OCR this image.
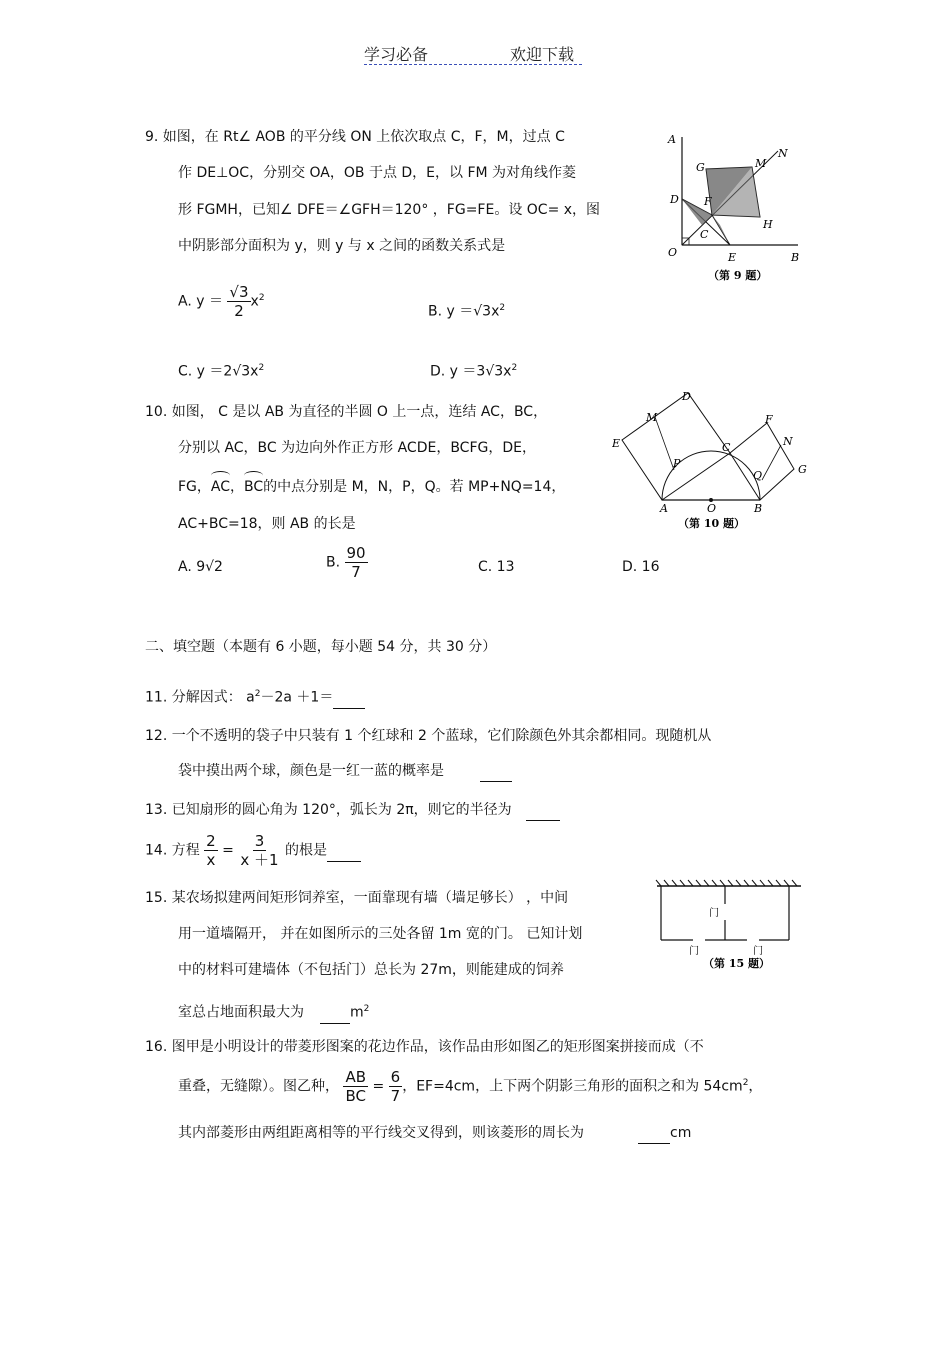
学习必备	欢迎下载
9. 如图，在 Rt∠ AOB 的平分线 ON 上依次取点 C，F，M，过点 C
作 DE⊥OC，分别交 OA，OB 于点 D，E，以 FM 为对角线作菱
形 FGMH，已知∠ DFE＝∠GFH＝120° ，FG=FE。设 OC= x，图
中阴影部分面积为 y，则 y 与 x 之间的函数关系式是
A. $y = \frac{√3}{2} x^2$
B. $y =√3x^2$
C. $y =2√3x^2$	D. $y =3√3x^2$
A
B
O
D
E
F
G	M
N
H
C
（第 9 题）
10. 如图， C 是以 AB 为直径的半圆 O 上一点，连结 AC，BC，
分别以 AC，BC 为边向外作正方形 ACDE，BCFG，DE，
FG，
AC，
BC的中点分别是 M，N，P，Q。若 MP+NQ=14，
AC+BC=18，则 AB 的长是
A. 9√2	B. $\frac{90}{7}$	C. 13	D. 16
D
M
E	C
F
N
G
P
Q
A	O	B
（第 10 题）
二、填空题（本题有 6 小题，每小题 54 分，共 30 分）
11. 分解因式： $a^2-2a +1=$
12. 一个不透明的袋子中只装有 1 个红球和 2 个蓝球，它们除颜色外其余都相同。现随机从
袋中摸出两个球，颜色是一红一蓝的概率是
13. 已知扇形的圆心角为 120°，弧长为 2π，则它的半径为
14. 方程 $\frac{2}{x} = \frac{3}{x +1}$ 的根是
15. 某农场拟建两间矩形饲养室，一面靠现有墙（墙足够长） ，中间
用一道墙隔开， 并在如图所示的三处各留 1m 宽的门。 已知计划
中的材料可建墙体（不包括门）总长为 27m，则能建成的饲养
室总占地面积最大为	$m^2$
门
门	门
（第 15 题）
16. 图甲是小明设计的带菱形图案的花边作品，该作品由形如图乙的矩形图案拼接而成（不
重叠，无缝隙）。图乙种， $\frac{AB}{BC} = \frac{6}{7}$ ，EF=4cm，上下两个阴影三角形的面积之和为 $54cm^2$，
其内部菱形由两组距离相等的平行线交叉得到，则该菱形的周长为	cm
